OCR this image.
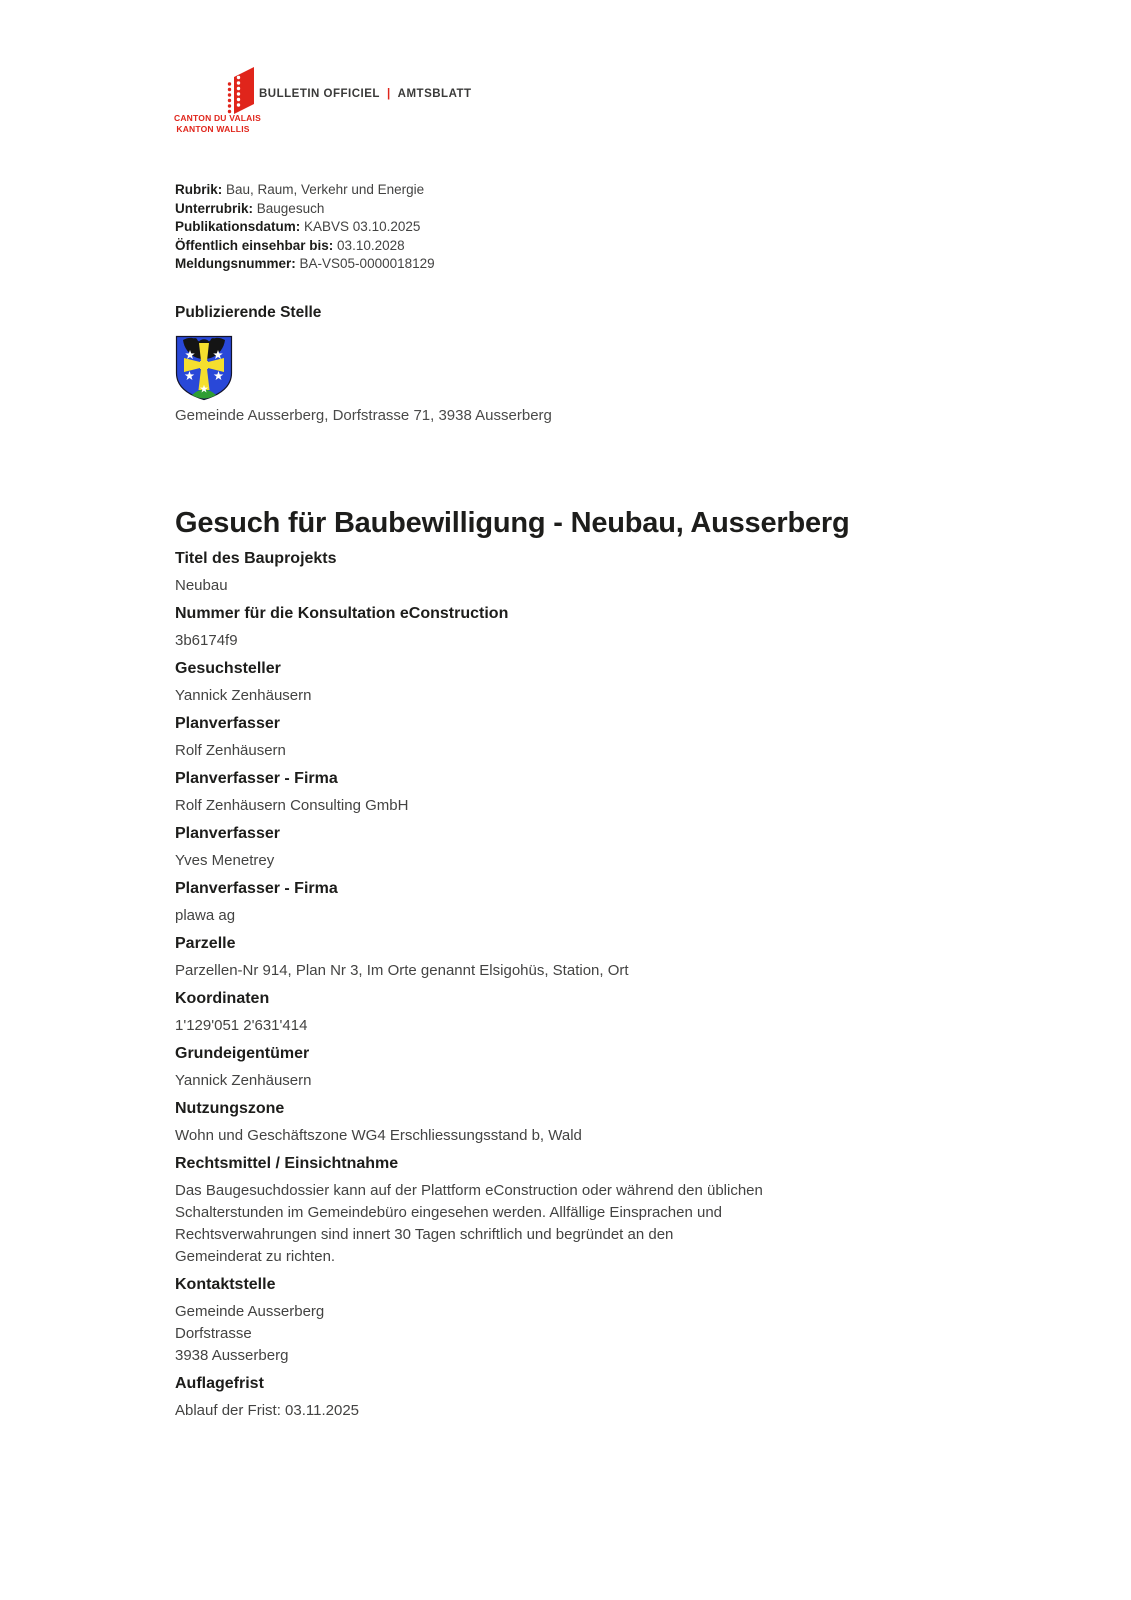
BULLETIN OFFICIEL | AMTSBLATT
CANTON DU VALAIS
KANTON WALLIS
Rubrik: Bau, Raum, Verkehr und Energie
Unterrubrik: Baugesuch
Publikationsdatum: KABVS 03.10.2025
Öffentlich einsehbar bis: 03.10.2028
Meldungsnummer: BA-VS05-0000018129
Publizierende Stelle
Gemeinde Ausserberg, Dorfstrasse 71, 3938 Ausserberg
Gesuch für Baubewilligung - Neubau, Ausserberg
Titel des Bauprojekts
Neubau
Nummer für die Konsultation eConstruction
3b6174f9
Gesuchsteller
Yannick Zenhäusern
Planverfasser
Rolf Zenhäusern
Planverfasser - Firma
Rolf Zenhäusern Consulting GmbH
Planverfasser
Yves Menetrey
Planverfasser - Firma
plawa ag
Parzelle
Parzellen-Nr 914, Plan Nr 3, Im Orte genannt Elsigohüs, Station, Ort
Koordinaten
1'129'051 2'631'414
Grundeigentümer
Yannick Zenhäusern
Nutzungszone
Wohn und Geschäftszone WG4 Erschliessungsstand b, Wald
Rechtsmittel / Einsichtnahme
Das Baugesuchdossier kann auf der Plattform eConstruction oder während den üblichen
Schalterstunden im Gemeindebüro eingesehen werden. Allfällige Einsprachen und
Rechtsverwahrungen sind innert 30 Tagen schriftlich und begründet an den
Gemeinderat zu richten.
Kontaktstelle
Gemeinde Ausserberg
Dorfstrasse
3938 Ausserberg
Auflagefrist
Ablauf der Frist: 03.11.2025
